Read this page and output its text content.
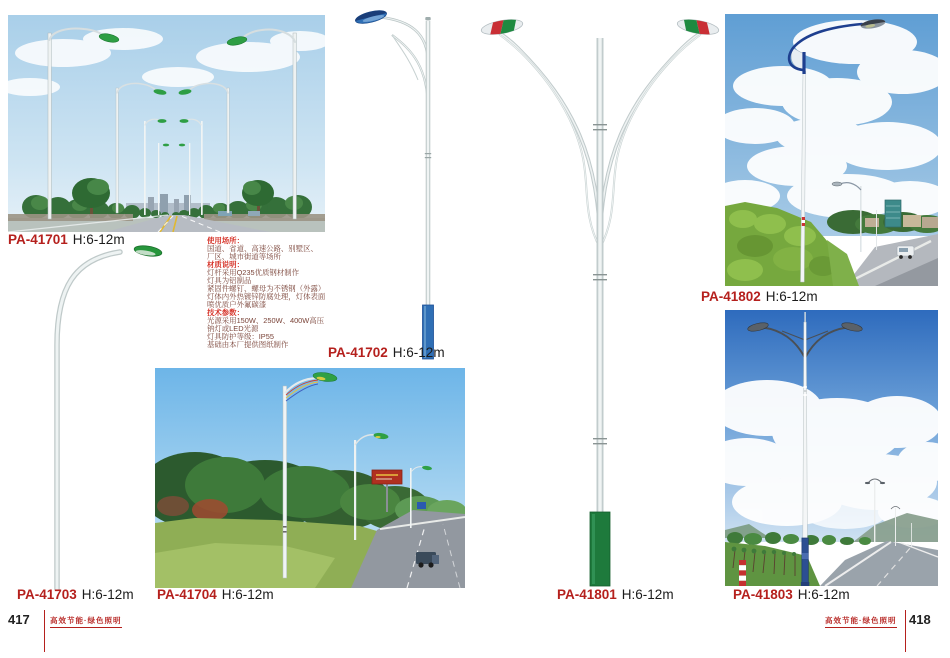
PA-41701 H:6-12m	使用场所：
国道、省道、高速公路、别墅区、
厂区、城市街道等场所
材质说明：
灯杆采用Q235优质钢材制作
灯具为铝制品
紧固件螺钉、螺母为不锈钢（外露）
灯体内外热镀锌防腐处理，灯体表面
喷优质户外氟碳漆
技术参数：
光源采用150W、250W、400W高压
钠灯或LED光源
灯具防护等级：IP55
基础由本厂提供图纸制作
PA-41703 H:6-12m PA-41704 H:6-12m
PA-41702 H:6-12m
PA-41801 H:6-12m
PA-41802 H:6-12m
PA-41803 H:6-12m
417	高效节能·绿色照明	高效节能·绿色照明 418
